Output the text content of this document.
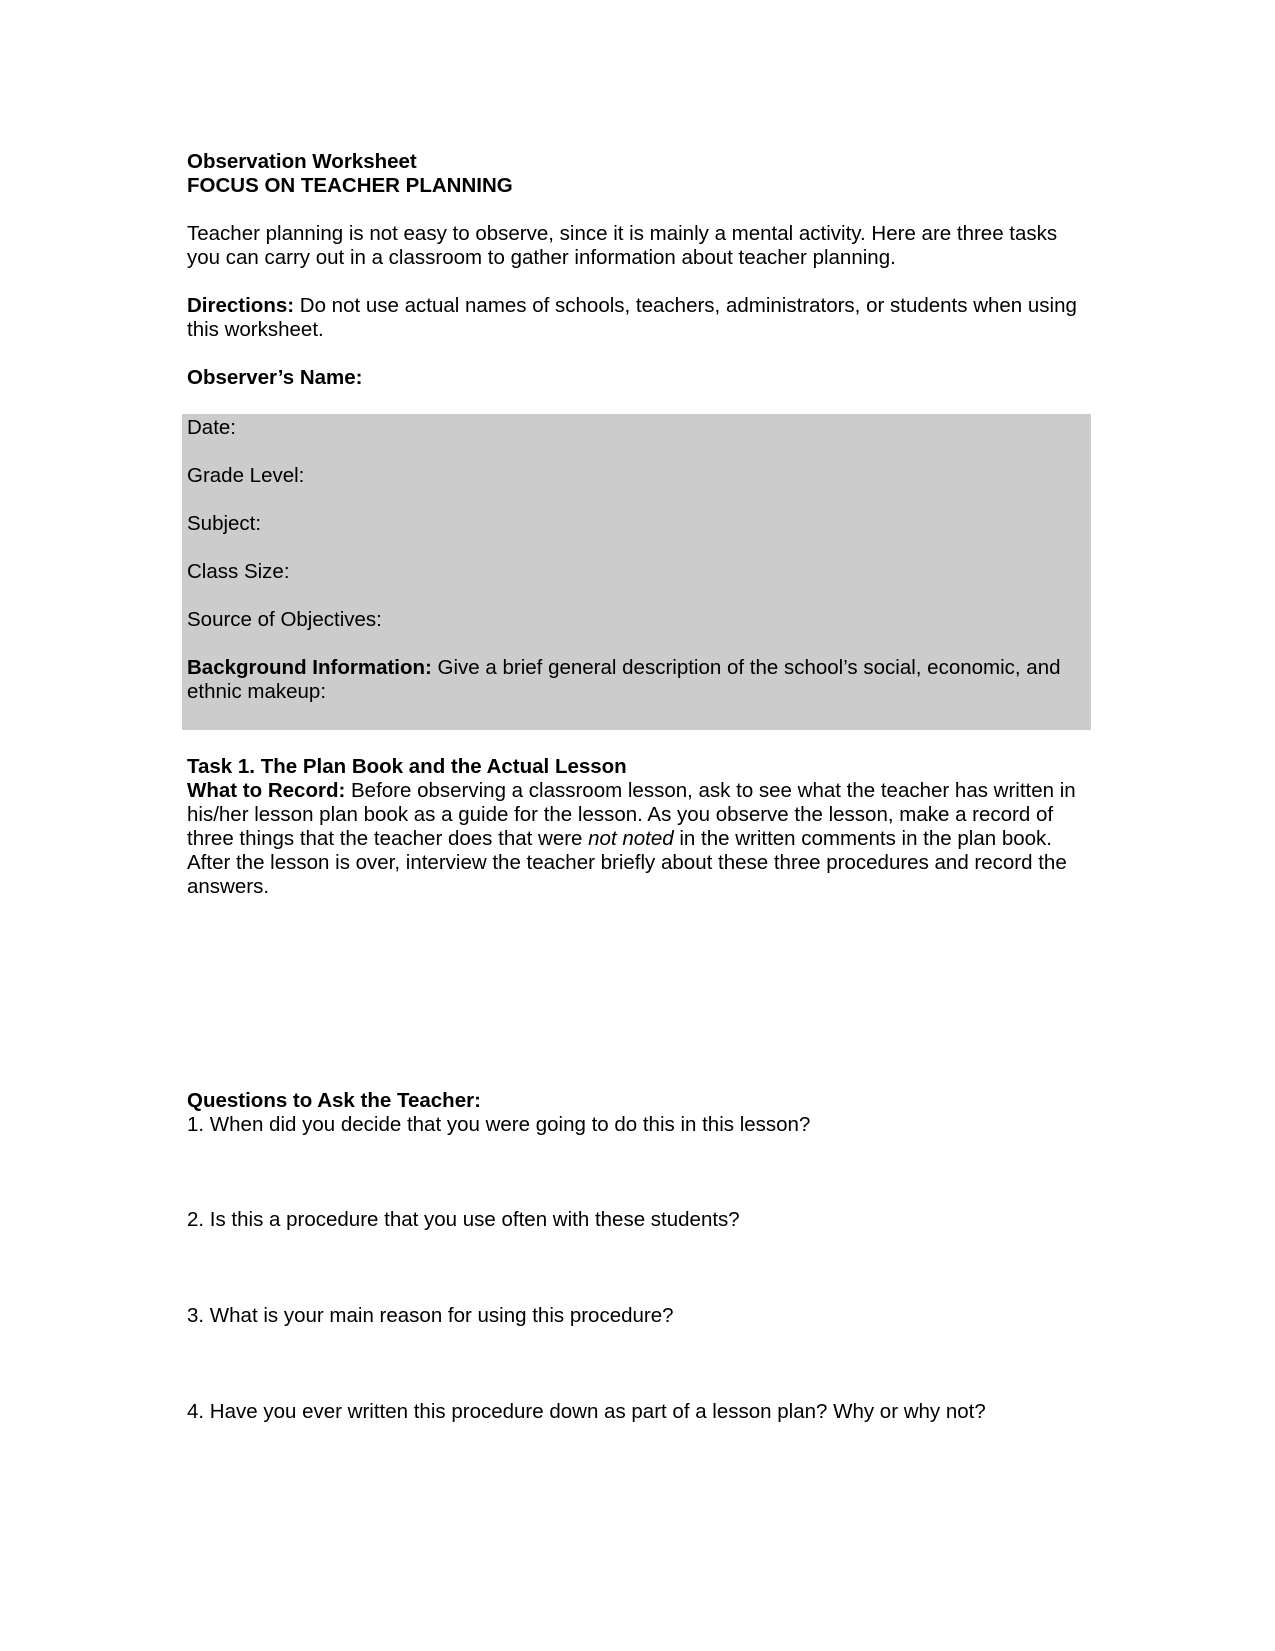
Observation Worksheet
FOCUS ON TEACHER PLANNING
Teacher planning is not easy to observe, since it is mainly a mental activity. Here are three tasks you can carry out in a classroom to gather information about teacher planning.
Directions: Do not use actual names of schools, teachers, administrators, or students when using this worksheet.
Observer’s Name:
Date:
Grade Level:
Subject:
Class Size:
Source of Objectives:
Background Information: Give a brief general description of the school’s social, economic, and ethnic makeup:
Task 1. The Plan Book and the Actual Lesson
What to Record: Before observing a classroom lesson, ask to see what the teacher has written in his/her lesson plan book as a guide for the lesson. As you observe the lesson, make a record of three things that the teacher does that were not noted in the written comments in the plan book. After the lesson is over, interview the teacher briefly about these three procedures and record the answers.
Questions to Ask the Teacher:
1. When did you decide that you were going to do this in this lesson?
2. Is this a procedure that you use often with these students?
3. What is your main reason for using this procedure?
4. Have you ever written this procedure down as part of a lesson plan? Why or why not?
